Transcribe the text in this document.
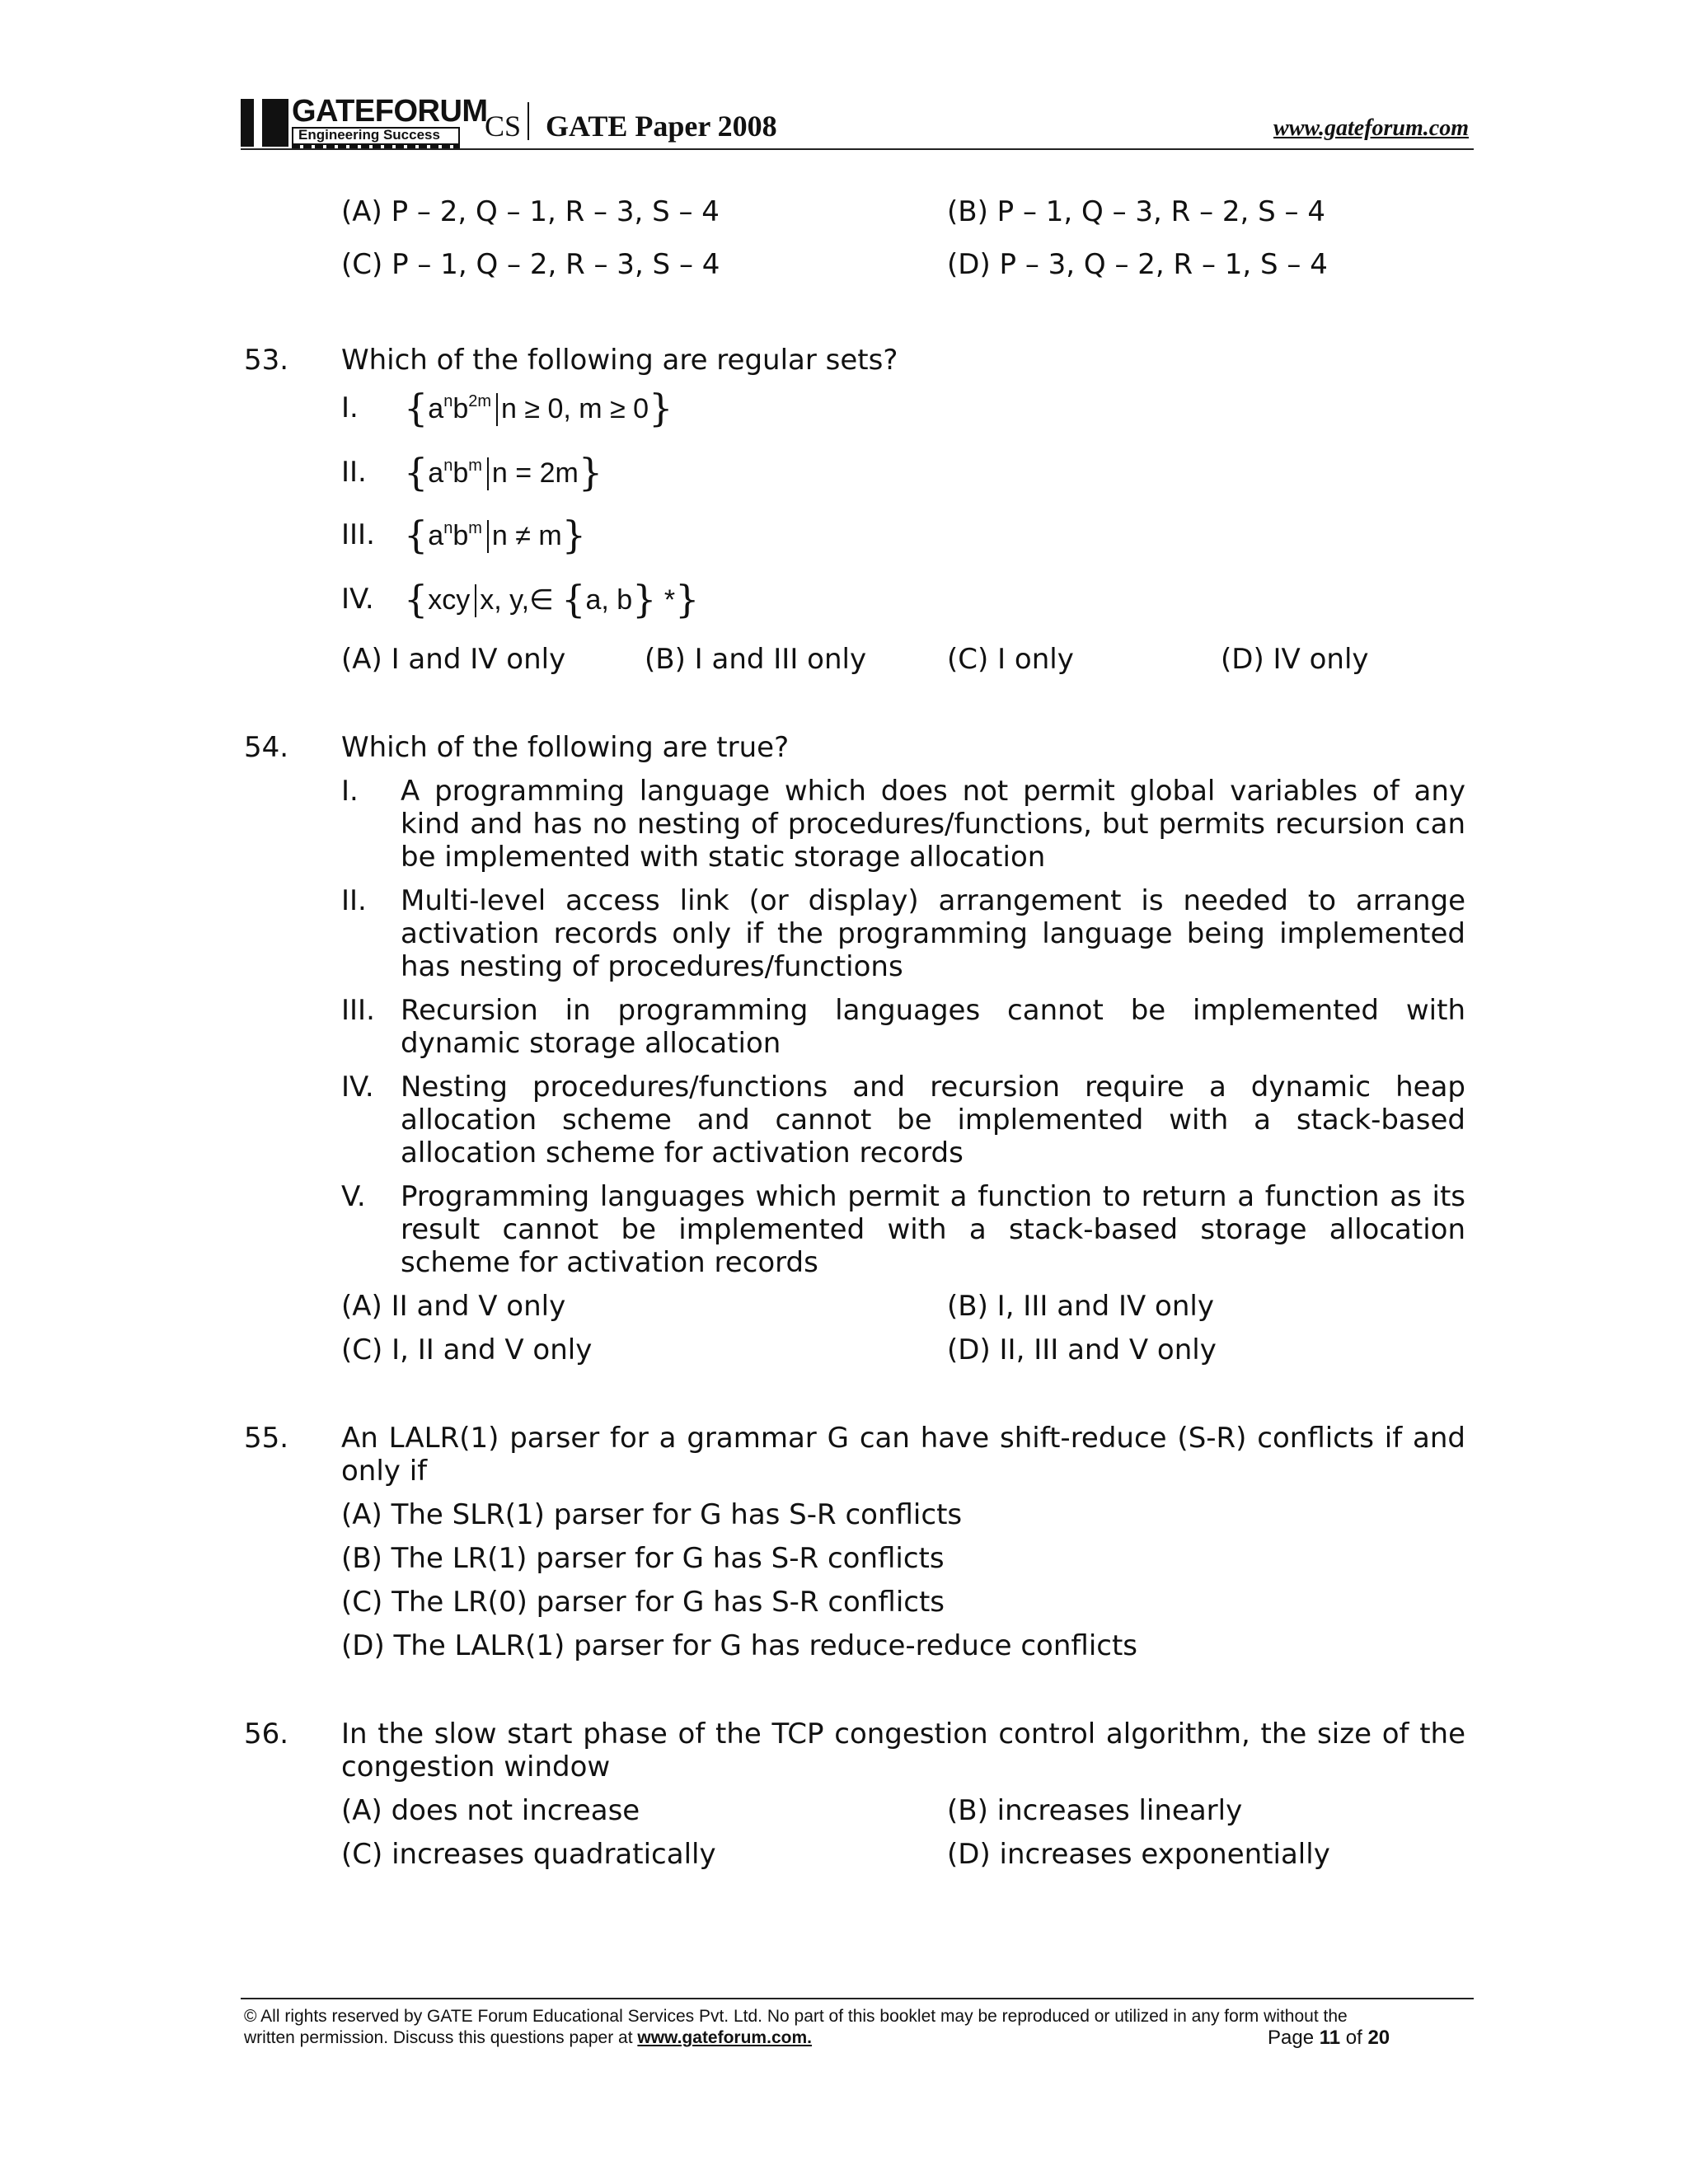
GATEFORUM
Engineering Success CS GATE Paper 2008	www.gateforum.com
(A) P – 2, Q – 1, R – 3, S – 4	(B) P – 1, Q – 3, R – 2, S – 4
(C) P – 1, Q – 2, R – 3, S – 4	(D) P – 3, Q – 2, R – 1, S – 4
53. Which of the following are regular sets?
I. {$a^nb^{2m}$ n ≥ 0, m ≥ 0}
II. {$a^nb^m$ n = 2m}
III. {$a^nb^m$ n ≠ m}
IV. {xcy x, y,∈ {a, b} *}
(A) I and IV only	(B) I and III only	(C) I only	(D) IV only
54. Which of the following are true?
I. A programming language which does not permit global variables of any kind and has no nesting of procedures/functions, but permits recursion can be implemented with static storage allocation
II. Multi-level access link (or display) arrangement is needed to arrange activation records only if the programming language being implemented has nesting of procedures/functions
III. Recursion in programming languages cannot be implemented with dynamic storage allocation
IV. Nesting procedures/functions and recursion require a dynamic heap allocation scheme and cannot be implemented with a stack-based allocation scheme for activation records
V. Programming languages which permit a function to return a function as its result cannot be implemented with a stack-based storage allocation scheme for activation records
(A) II and V only	(B) I, III and IV only
(C) I, II and V only	(D) II, III and V only
55. An LALR(1) parser for a grammar G can have shift-reduce (S-R) conflicts if and only if
(A) The SLR(1) parser for G has S-R conflicts
(B) The LR(1) parser for G has S-R conflicts
(C) The LR(0) parser for G has S-R conflicts
(D) The LALR(1) parser for G has reduce-reduce conflicts
56. In the slow start phase of the TCP congestion control algorithm, the size of the congestion window
(A) does not increase	(B) increases linearly
(C) increases quadratically	(D) increases exponentially
© All rights reserved by GATE Forum Educational Services Pvt. Ltd. No part of this booklet may be reproduced or utilized in any form without the
written permission. Discuss this questions paper at www.gateforum.com.	Page 11 of 20
